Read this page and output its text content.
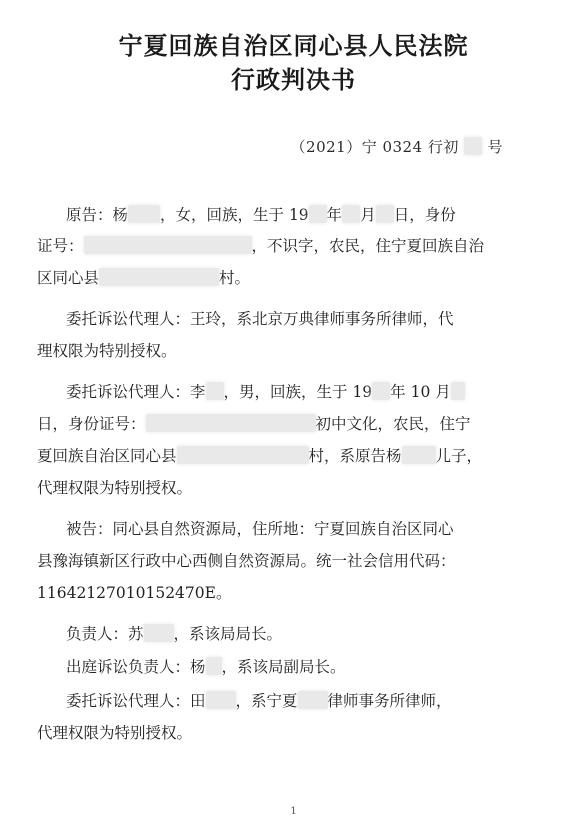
宁夏回族自治区同心县人民法院
行政判决书
（2021）宁 0324 行初 号
原告：杨 ，女，回族，生于 19 年 月 日，身份
证号：	，不识字，农民，住宁夏回族自治
区同心县	村。
委托诉讼代理人：王玲，系北京万典律师事务所律师，代
理权限为特别授权。
委托诉讼代理人：李 ，男，回族，生于 19 年 10 月
日，身份证号：	初中文化，农民，住宁
夏回族自治区同心县	村，系原告杨 儿子，
代理权限为特别授权。
被告：同心县自然资源局，住所地：宁夏回族自治区同心
县豫海镇新区行政中心西侧自然资源局。统一社会信用代码：
11642127010152470E。
负责人：苏 ，系该局局长。
出庭诉讼负责人：杨 ，系该局副局长。
委托诉讼代理人：田 ，系宁夏 律师事务所律师，
代理权限为特别授权。
1
